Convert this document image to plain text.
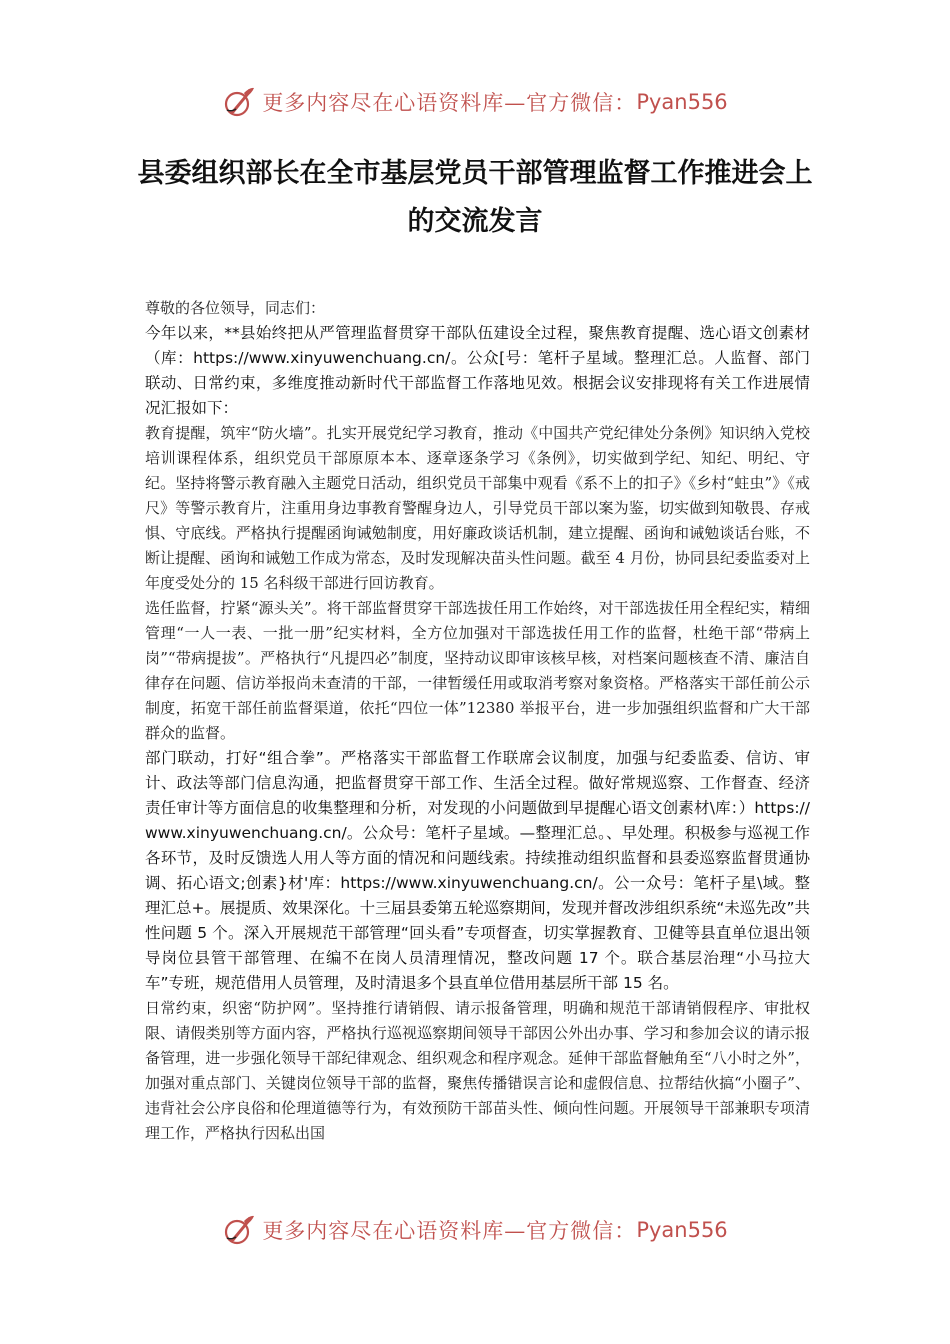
更多内容尽在心语资料库—官方微信： Pyan556
县委组织部长在全市基层党员干部管理监督工作推进会上的交流发言

尊敬的各位领导，同志们：

今年以来，**县始终把从严管理监督贯穿干部队伍建设全过程，聚焦教育提醒、选心语文创素材（库：https://www.xinyuwenchuang.cn/。公众[号：笔杆子星域。整理汇总。人监督、部门联动、日常约束，多维度推动新时代干部监督工作落地见效。根据会议安排现将有关工作进展情况汇报如下：

教育提醒，筑牢“防火墙”。扎实开展党纪学习教育，推动《中国共产党纪律处分条例》知识纳入党校培训课程体系，组织党员干部原原本本、逐章逐条学习《条例》，切实做到学纪、知纪、明纪、守纪。坚持将警示教育融入主题党日活动，组织党员干部集中观看《系不上的扣子》《乡村“蛀虫”》《戒尺》等警示教育片，注重用身边事教育警醒身边人，引导党员干部以案为鉴，切实做到知敬畏、存戒惧、守底线。严格执行提醒函询诫勉制度，用好廉政谈话机制，建立提醒、函询和诫勉谈话台账，不断让提醒、函询和诫勉工作成为常态，及时发现解决苗头性问题。截至 4 月份，协同县纪委监委对上年度受处分的 15 名科级干部进行回访教育。

选任监督，拧紧“源头关”。将干部监督贯穿干部选拔任用工作始终，对干部选拔任用全程纪实，精细管理“一人一表、一批一册”纪实材料，全方位加强对干部选拔任用工作的监督，杜绝干部“带病上岗”“带病提拔”。严格执行“凡提四必”制度，坚持动议即审该核早核，对档案问题核查不清、廉洁自律存在问题、信访举报尚未查清的干部，一律暂缓任用或取消考察对象资格。严格落实干部任前公示制度，拓宽干部任前监督渠道，依托“四位一体”12380 举报平台，进一步加强组织监督和广大干部群众的监督。

部门联动，打好“组合拳”。严格落实干部监督工作联席会议制度，加强与纪委监委、信访、审计、政法等部门信息沟通，把监督贯穿干部工作、生活全过程。做好常规巡察、工作督查、经济责任审计等方面信息的收集整理和分析，对发现的小问题做到早提醒心语文创素材\库：）https://www.xinyuwenchuang.cn/。公众号：笔杆子星域。—整理汇总。、早处理。积极参与巡视工作各环节，及时反馈选人用人等方面的情况和问题线索。持续推动组织监督和县委巡察监督贯通协调、拓心语文;创素}材'库：https://www.xinyuwenchuang.cn/。公一众号：笔杆子星\域。整理汇总+。展提质、效果深化。十三届县委第五轮巡察期间，发现并督改涉组织系统“未巡先改”共性问题 5 个。深入开展规范干部管理“回头看”专项督查，切实掌握教育、卫健等县直单位退出领导岗位县管干部管理、在编不在岗人员清理情况，整改问题 17 个。联合基层治理“小马拉大车”专班，规范借用人员管理，及时清退多个县直单位借用基层所干部 15 名。

日常约束，织密“防护网”。坚持推行请销假、请示报备管理，明确和规范干部请销假程序、审批权限、请假类别等方面内容，严格执行巡视巡察期间领导干部因公外出办事、学习和参加会议的请示报备管理，进一步强化领导干部纪律观念、组织观念和程序观念。延伸干部监督触角至“八小时之外”，加强对重点部门、关键岗位领导干部的监督，聚焦传播错误言论和虚假信息、拉帮结伙搞“小圈子”、违背社会公序良俗和伦理道德等行为，有效预防干部苗头性、倾向性问题。开展领导干部兼职专项清理工作，严格执行因私出国

更多内容尽在心语资料库—官方微信： Pyan556
